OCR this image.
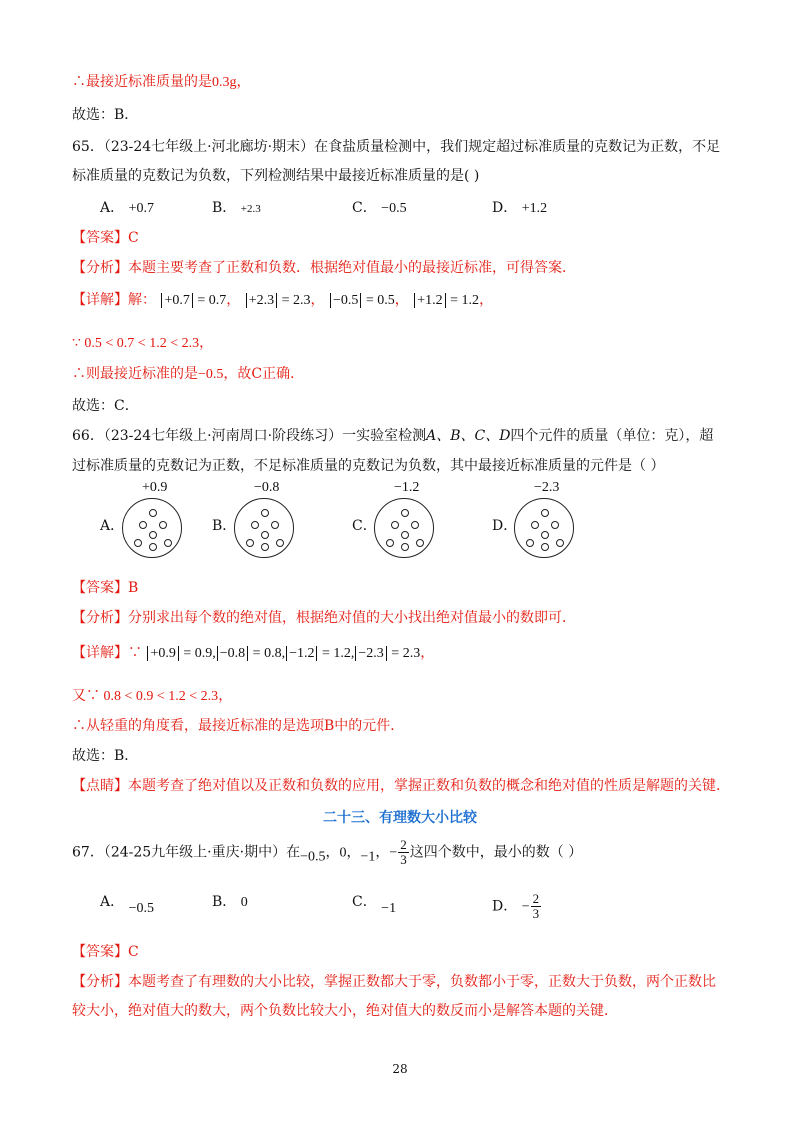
∴最接近标准质量的是0.3g，
故选：B．
65．（23-24七年级上·河北廊坊·期末）在食盐质量检测中，我们规定超过标准质量的克数记为正数，不足
标准质量的克数记为负数，下列检测结果中最接近标准质量的是( )
A． +0.7	B． +2.3	C． −0.5	D． +1.2
【答案】C
【分析】本题主要考查了正数和负数．根据绝对值最小的最接近标准，可得答案．
【详解】解： +0.7 = 0.7， +2.3 = 2.3， −0.5 = 0.5， +1.2 = 1.2，
∵ 0.5 < 0.7 < 1.2 < 2.3，
∴则最接近标准的是−0.5，故C正确．
故选：C．
66．（23-24七年级上·河南周口·阶段练习）一实验室检测A、B、C、D四个元件的质量（单位：克），超
过标准质量的克数记为正数，不足标准质量的克数记为负数，其中最接近标准质量的元件是（ ）
A．
+0.9
B．
−0.8
C．
−1.2
D．
−2.3
【答案】B
【分析】分别求出每个数的绝对值，根据绝对值的大小找出绝对值最小的数即可．
【详解】∵ +0.9 = 0.9, −0.8 = 0.8, −1.2 = 1.2, −2.3 = 2.3，
又∵ 0.8 < 0.9 < 1.2 < 2.3，
∴从轻重的角度看，最接近标准的是选项B中的元件．
故选：B．
【点睛】本题考查了绝对值以及正数和负数的应用，掌握正数和负数的概念和绝对值的性质是解题的关键．
二十三、有理数大小比较
67．（24-25九年级上·重庆·期中）在−0.5，0，−1，− $\frac{2}{3}$ 这四个数中，最小的数（ ）
A． −0.5	B． 0	C． −1	D． − $\frac{2}{3}$
【答案】C
【分析】本题考查了有理数的大小比较，掌握正数都大于零，负数都小于零，正数大于负数，两个正数比
较大小，绝对值大的数大，两个负数比较大小，绝对值大的数反而小是解答本题的关键．
28
